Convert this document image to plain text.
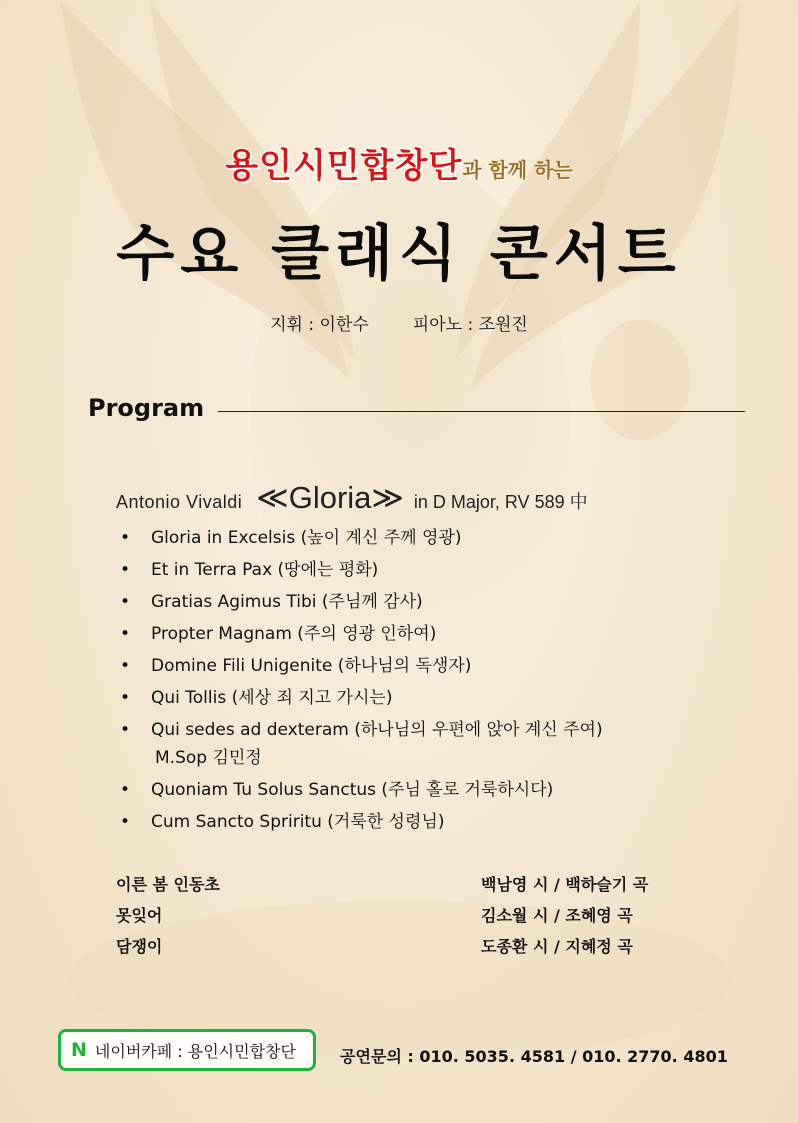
용인시민합창단과 함께 하는
수요 클래식 콘서트
지휘 : 이한수	피아노 : 조원진
Program
Antonio Vivaldi ≪Gloria≫ in D Major, RV 589 中
• Gloria in Excelsis (높이 계신 주께 영광)
• Et in Terra Pax (땅에는 평화)
• Gratias Agimus Tibi (주님께 감사)
• Propter Magnam (주의 영광 인하여)
• Domine Fili Unigenite (하나님의 독생자)
• Qui Tollis (세상 죄 지고 가시는)
• Qui sedes ad dexteram (하나님의 우편에 앉아 계신 주여)
M.Sop 김민정
• Quoniam Tu Solus Sanctus (주님 홀로 거룩하시다)
• Cum Sancto Spriritu (거룩한 성령님)
이른 봄 인동초	백남영 시 / 백하슬기 곡
못잊어	김소월 시 / 조혜영 곡
담쟁이	도종환 시 / 지혜정 곡
N 네이버카페 : 용인시민합창단	공연문의 : 010. 5035. 4581 / 010. 2770. 4801
